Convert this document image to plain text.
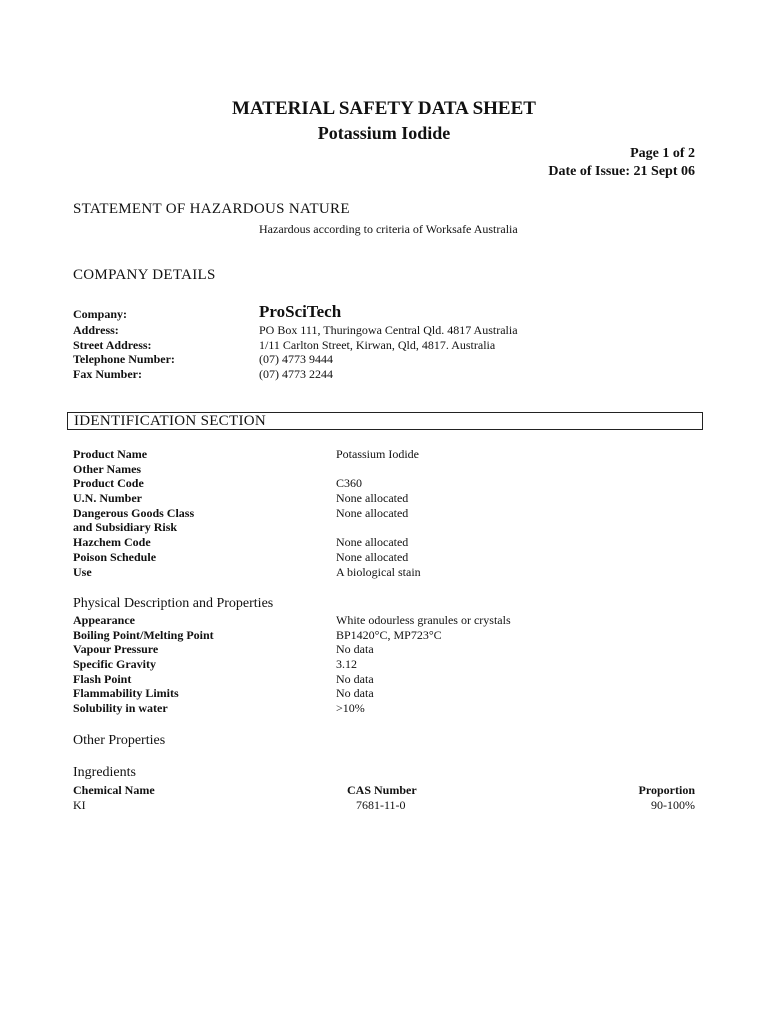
MATERIAL SAFETY DATA SHEET
Potassium Iodide
Page 1 of 2
Date of Issue: 21 Sept 06
STATEMENT OF HAZARDOUS NATURE
Hazardous according to criteria of Worksafe Australia
COMPANY DETAILS
Company:	ProSciTech
Address:	PO Box 111, Thuringowa Central Qld. 4817 Australia
Street Address:	1/11 Carlton Street, Kirwan, Qld, 4817. Australia
Telephone Number:	(07) 4773 9444
Fax Number:	(07) 4773 2244
IDENTIFICATION SECTION
Product Name	Potassium Iodide
Other Names
Product Code	C360
U.N. Number	None allocated
Dangerous Goods Class	None allocated
and Subsidiary Risk
Hazchem Code	None allocated
Poison Schedule	None allocated
Use	A biological stain
Physical Description and Properties
Appearance	White odourless granules or crystals
Boiling Point/Melting Point	BP1420°C, MP723°C
Vapour Pressure	No data
Specific Gravity	3.12
Flash Point	No data
Flammability Limits	No data
Solubility in water	>10%
Other Properties
Ingredients
Chemical Name	CAS Number	Proportion
KI	7681-11-0	90-100%
